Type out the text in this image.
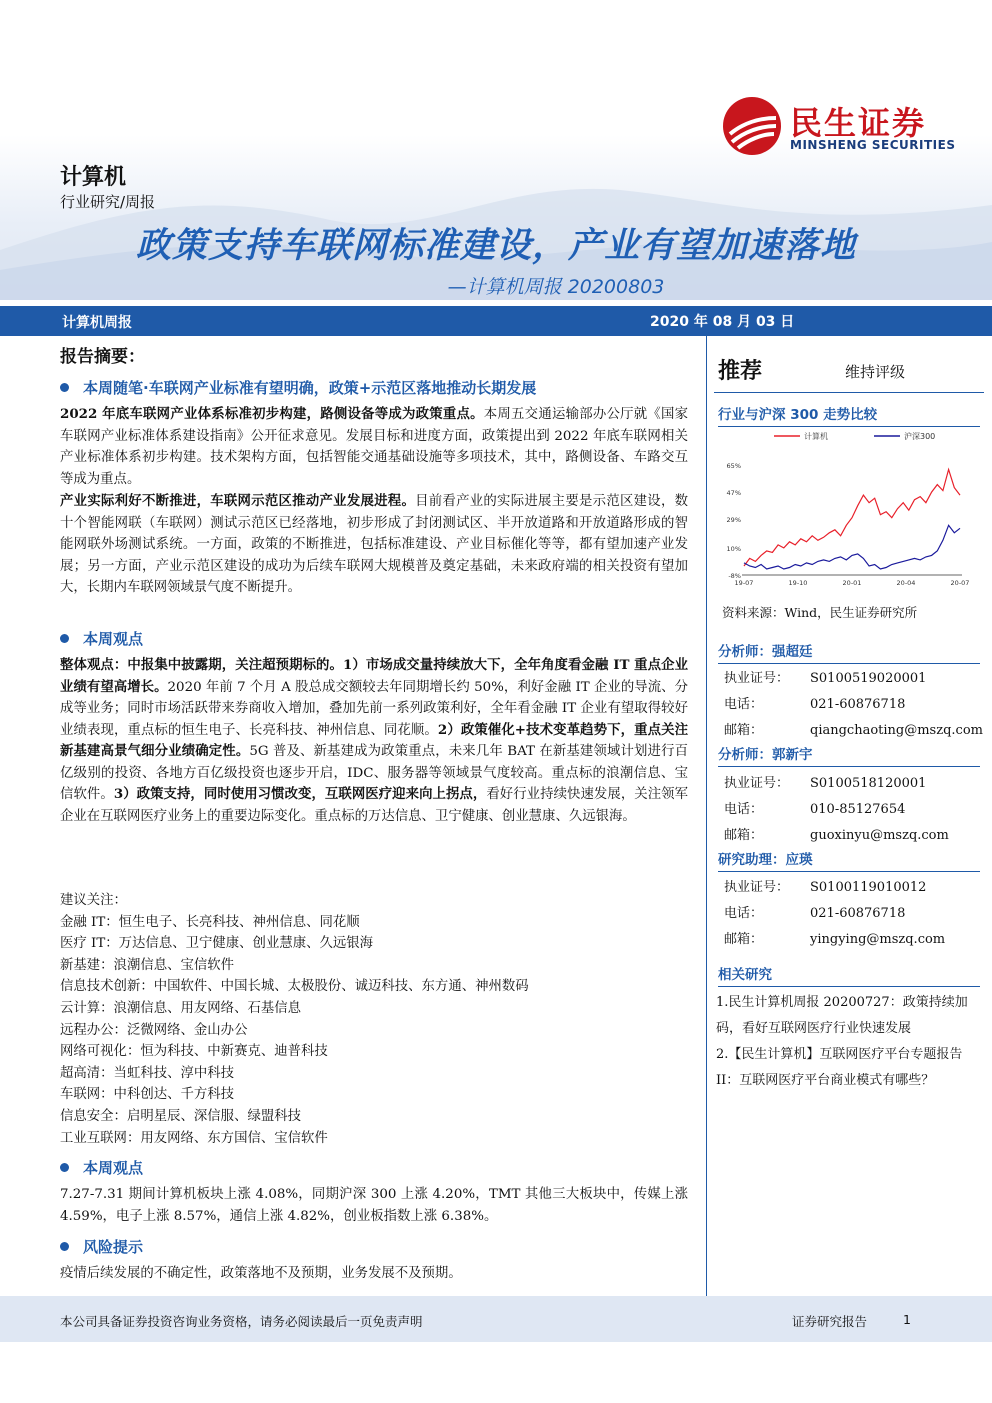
民生证券
MINSHENG SECURITIES
计算机
行业研究/周报
政策支持车联网标准建设，产业有望加速落地
—计算机周报 20200803
计算机周报	2020 年 08 月 03 日
报告摘要：
本周随笔·车联网产业标准有望明确，政策+示范区落地推动长期发展
2022 年底车联网产业体系标准初步构建，路侧设备等成为政策重点。本周五交通运输部办公厅就《国家车联网产业标准体系建设指南》公开征求意见。发展目标和进度方面，政策提出到 2022 年底车联网相关产业标准体系初步构建。技术架构方面，包括智能交通基础设施等多项技术，其中，路侧设备、车路交互等成为重点。
产业实际利好不断推进，车联网示范区推动产业发展进程。目前看产业的实际进展主要是示范区建设，数十个智能网联（车联网）测试示范区已经落地，初步形成了封闭测试区、半开放道路和开放道路形成的智能网联外场测试系统。一方面，政策的不断推进，包括标准建设、产业目标催化等等，都有望加速产业发展；另一方面，产业示范区建设的成功为后续车联网大规模普及奠定基础，未来政府端的相关投资有望加大，长期内车联网领域景气度不断提升。
本周观点
整体观点：中报集中披露期，关注超预期标的。1）市场成交量持续放大下，全年角度看金融 IT 重点企业业绩有望高增长。2020 年前 7 个月 A 股总成交额较去年同期增长约 50%，利好金融 IT 企业的导流、分成等业务；同时市场活跃带来券商收入增加，叠加先前一系列政策利好，全年看金融 IT 企业有望取得较好业绩表现，重点标的恒生电子、长亮科技、神州信息、同花顺。2）政策催化+技术变革趋势下，重点关注新基建高景气细分业绩确定性。5G 普及、新基建成为政策重点，未来几年 BAT 在新基建领域计划进行百亿级别的投资、各地方百亿级投资也逐步开启，IDC、服务器等领域景气度较高。重点标的浪潮信息、宝信软件。3）政策支持，同时使用习惯改变，互联网医疗迎来向上拐点，看好行业持续快速发展，关注领军企业在互联网医疗业务上的重要边际变化。重点标的万达信息、卫宁健康、创业慧康、久远银海。
建议关注：
金融 IT：恒生电子、长亮科技、神州信息、同花顺
医疗 IT：万达信息、卫宁健康、创业慧康、久远银海
新基建：浪潮信息、宝信软件
信息技术创新：中国软件、中国长城、太极股份、诚迈科技、东方通、神州数码
云计算：浪潮信息、用友网络、石基信息
远程办公：泛微网络、金山办公
网络可视化：恒为科技、中新赛克、迪普科技
超高清：当虹科技、淳中科技
车联网：中科创达、千方科技
信息安全：启明星辰、深信服、绿盟科技
工业互联网：用友网络、东方国信、宝信软件
本周观点
7.27-7.31 期间计算机板块上涨 4.08%，同期沪深 300 上涨 4.20%，TMT 其他三大板块中，传媒上涨 4.59%，电子上涨 8.57%，通信上涨 4.82%，创业板指数上涨 6.38%。
风险提示
疫情后续发展的不确定性，政策落地不及预期，业务发展不及预期。
推荐	维持评级
行业与沪深 300 走势比较
计算机	沪深300
65%
47%
29%
10%
-8%
19-07	19-10	20-01	20-04	20-07
资料来源：Wind，民生证券研究所
分析师：强超廷
执业证号： S0100519020001
电话：	021-60876718
邮箱：	qiangchaoting@mszq.com
分析师：郭新宇
执业证号： S0100518120001
电话：	010-85127654
邮箱：	guoxinyu@mszq.com
研究助理：应瑛
执业证号： S0100119010012
电话：	021-60876718
邮箱：	yingying@mszq.com
相关研究
1.民生计算机周报 20200727：政策持续加码，看好互联网医疗行业快速发展
2.【民生计算机】互联网医疗平台专题报告 II：互联网医疗平台商业模式有哪些？
本公司具备证券投资咨询业务资格，请务必阅读最后一页免责声明	证券研究报告	1
